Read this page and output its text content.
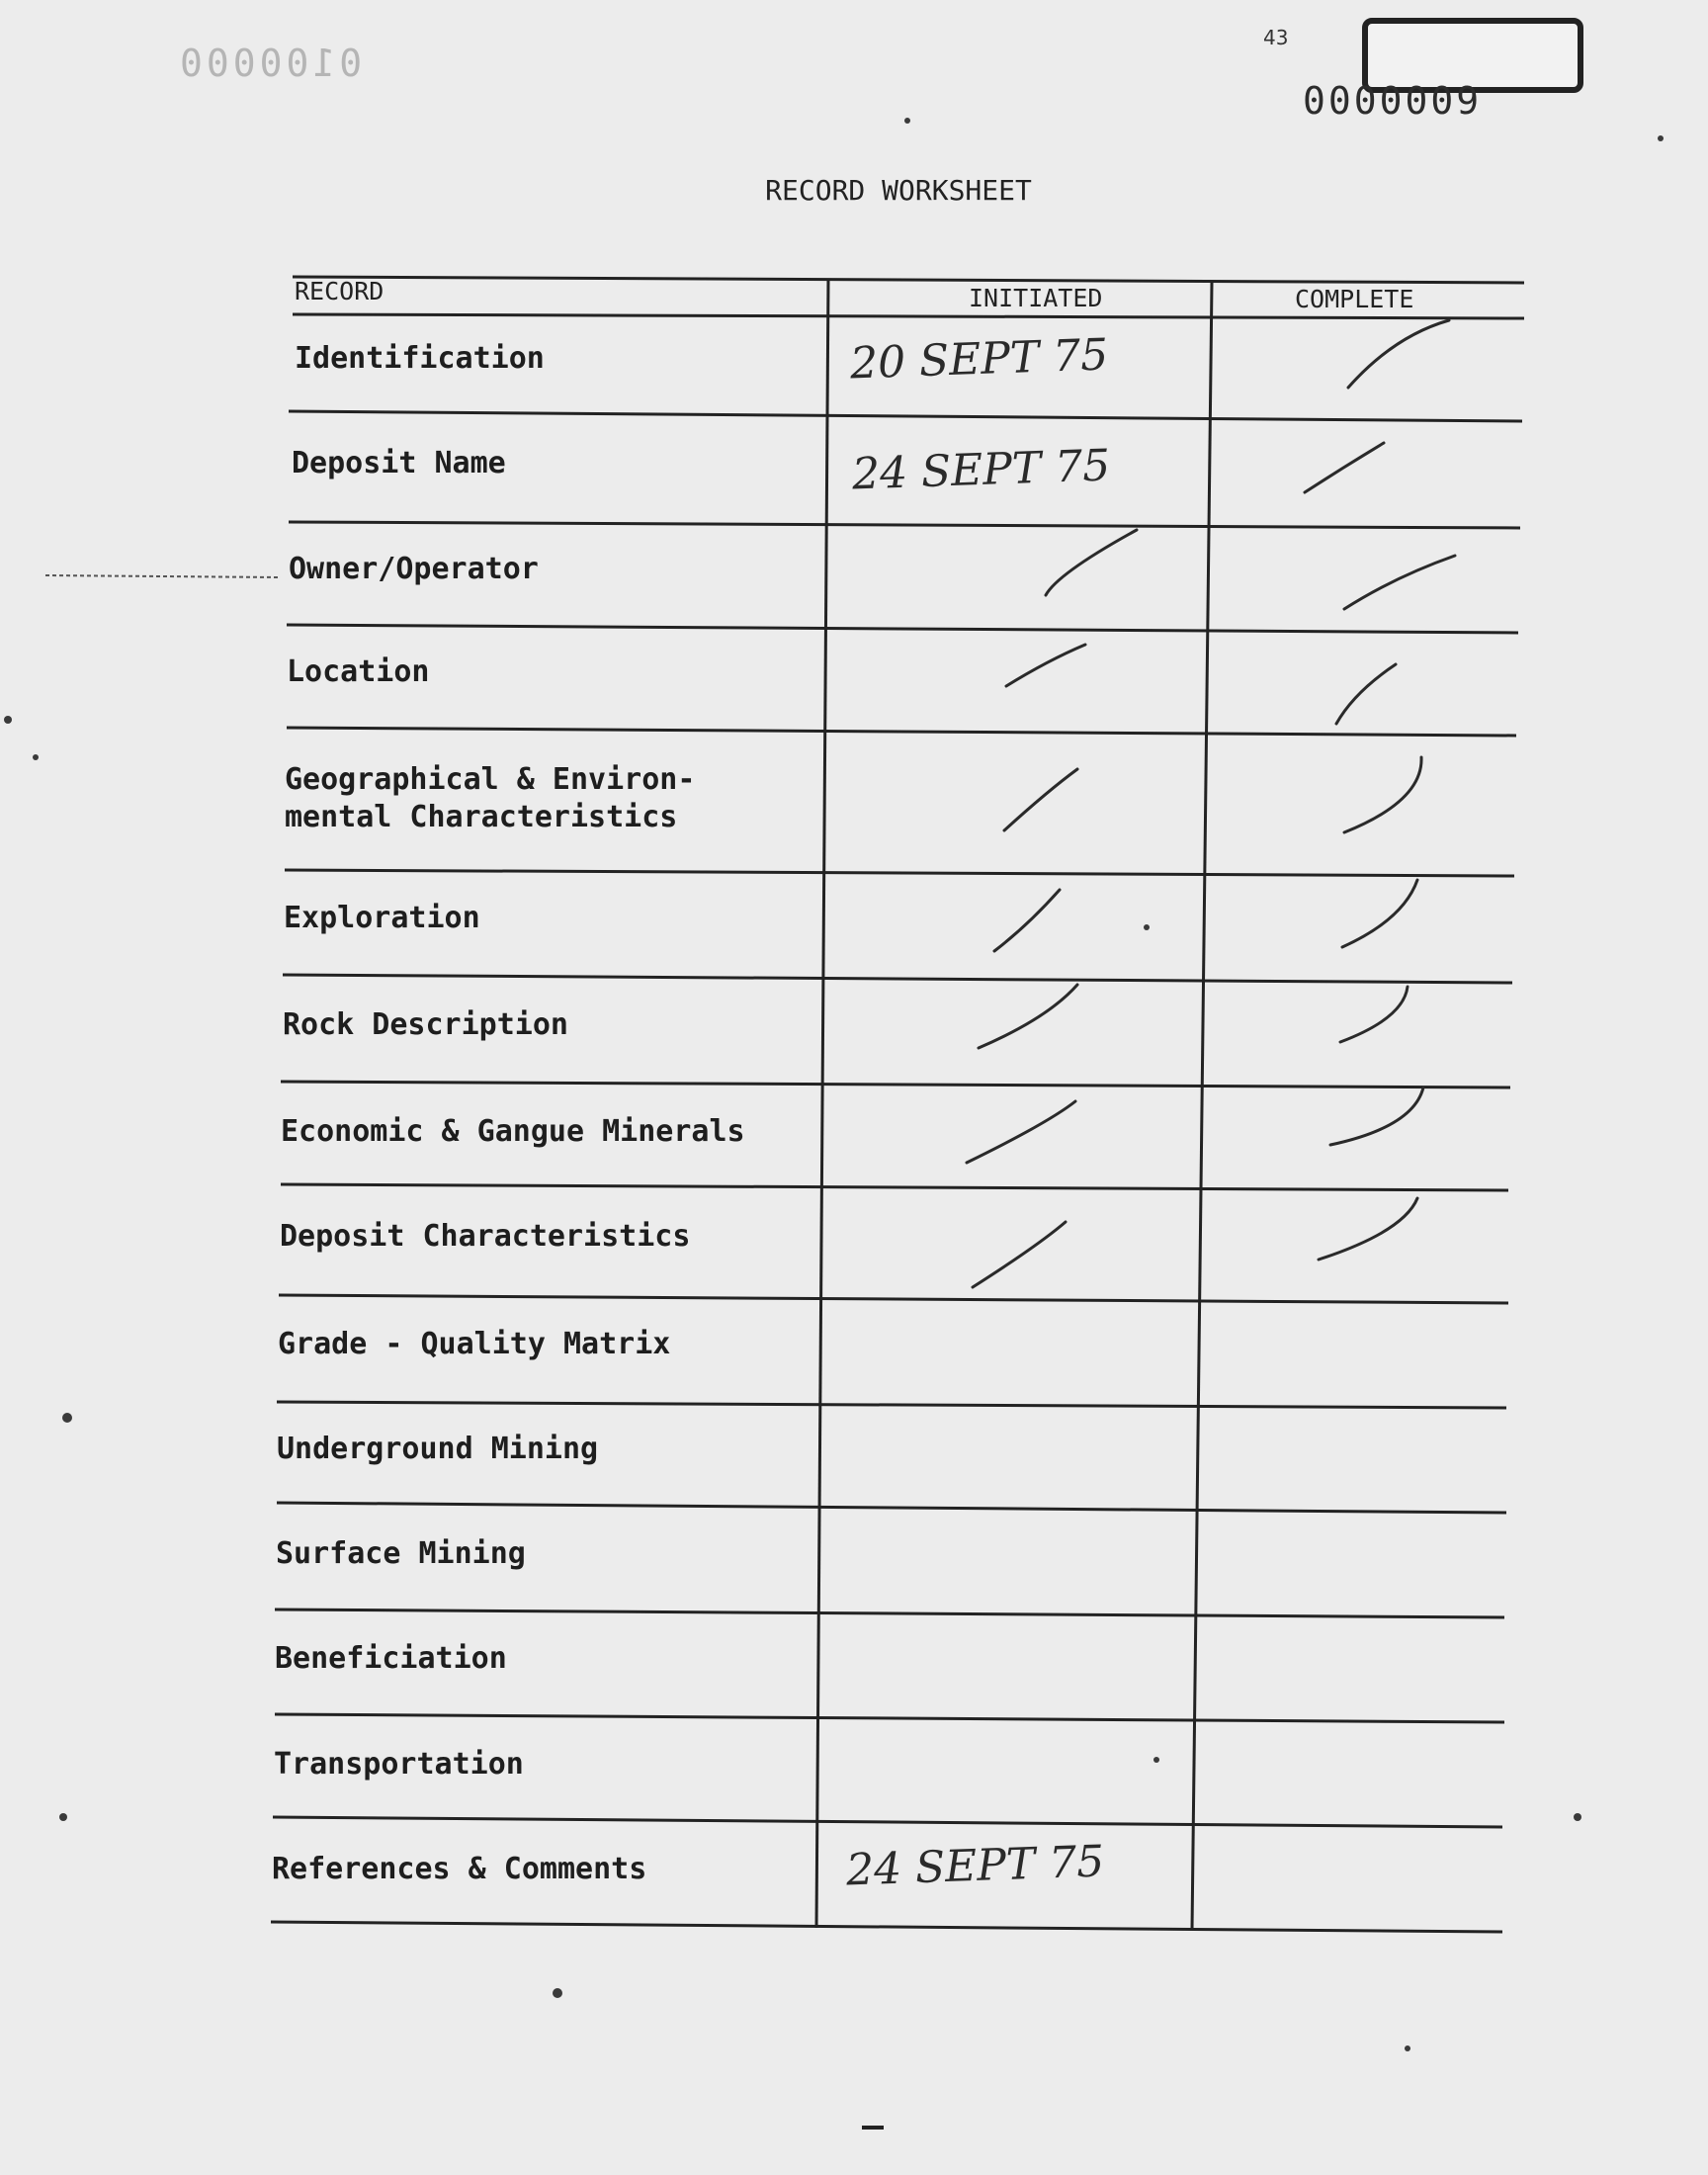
0100000
43
0000009
RECORD WORKSHEET
RECORD	INITIATED	COMPLETE
Identification
Deposit Name
Owner/Operator
Location
Geographical & Environ-
mental Characteristics
Exploration
Rock Description
Economic & Gangue Minerals
Deposit Characteristics
Grade - Quality Matrix
Underground Mining
Surface Mining
Beneficiation
Transportation
References & Comments
20 SEPT 75
24 SEPT 75
24 SEPT 75
